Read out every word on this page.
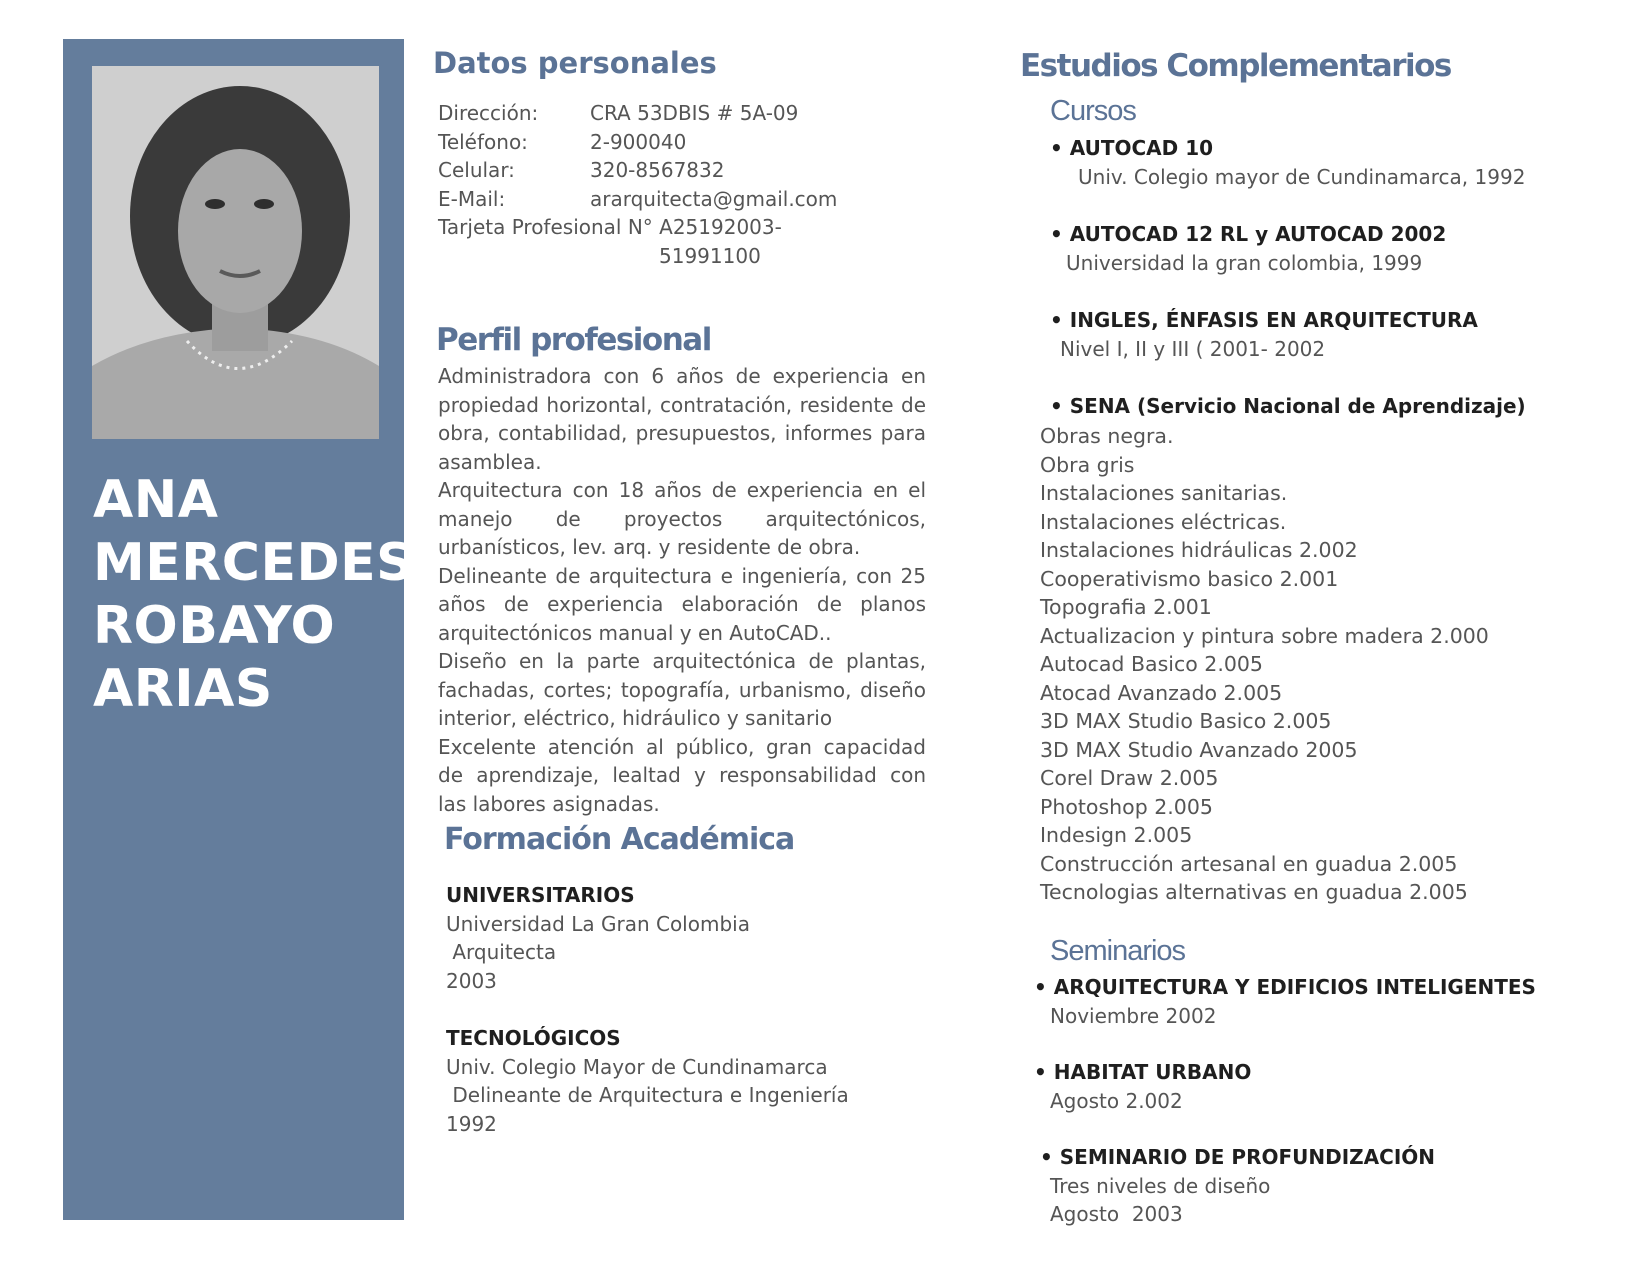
ANA
MERCEDES
ROBAYO
ARIAS
Datos personales
Dirección:	CRA 53DBIS # 5A-09
Teléfono:	2-900040
Celular:	320-8567832
E-Mail:	ararquitecta@gmail.com
Tarjeta Profesional N° A25192003-
51991100
Perfil profesional

Administradora con 6 años de experiencia en propiedad horizontal, contratación, residente de obra, contabilidad, presupuestos, informes para asamblea.

Arquitectura con 18 años de experiencia en el manejo de proyectos arquitectónicos, urbanísticos, lev. arq. y residente de obra.

Delineante de arquitectura e ingeniería, con 25 años de experiencia elaboración de planos arquitectónicos manual y en AutoCAD..

Diseño en la parte arquitectónica de plantas, fachadas, cortes; topografía, urbanismo, diseño interior, eléctrico, hidráulico y sanitario

Excelente atención al público, gran capacidad de aprendizaje, lealtad y responsabilidad con las labores asignadas.

Formación Académica
UNIVERSITARIOS
Universidad La Gran Colombia
Arquitecta
2003
TECNOLÓGICOS
Univ. Colegio Mayor de Cundinamarca
Delineante de Arquitectura e Ingeniería
1992
Estudios Complementarios
Cursos
• AUTOCAD 10
Univ. Colegio mayor de Cundinamarca, 1992
• AUTOCAD 12 RL y AUTOCAD 2002
Universidad la gran colombia, 1999
• INGLES, ÉNFASIS EN ARQUITECTURA
Nivel I, II y III ( 2001- 2002
• SENA (Servicio Nacional de Aprendizaje)
Obras negra.
Obra gris
Instalaciones sanitarias.
Instalaciones eléctricas.
Instalaciones hidráulicas 2.002
Cooperativismo basico 2.001
Topografia 2.001
Actualizacion y pintura sobre madera 2.000
Autocad Basico 2.005
Atocad Avanzado 2.005
3D MAX Studio Basico 2.005
3D MAX Studio Avanzado 2005
Corel Draw 2.005
Photoshop 2.005
Indesign 2.005
Construcción artesanal en guadua 2.005
Tecnologias alternativas en guadua 2.005
Seminarios
• ARQUITECTURA Y EDIFICIOS INTELIGENTES
Noviembre 2002
• HABITAT URBANO
Agosto 2.002
• SEMINARIO DE PROFUNDIZACIÓN
Tres niveles de diseño
Agosto  2003
